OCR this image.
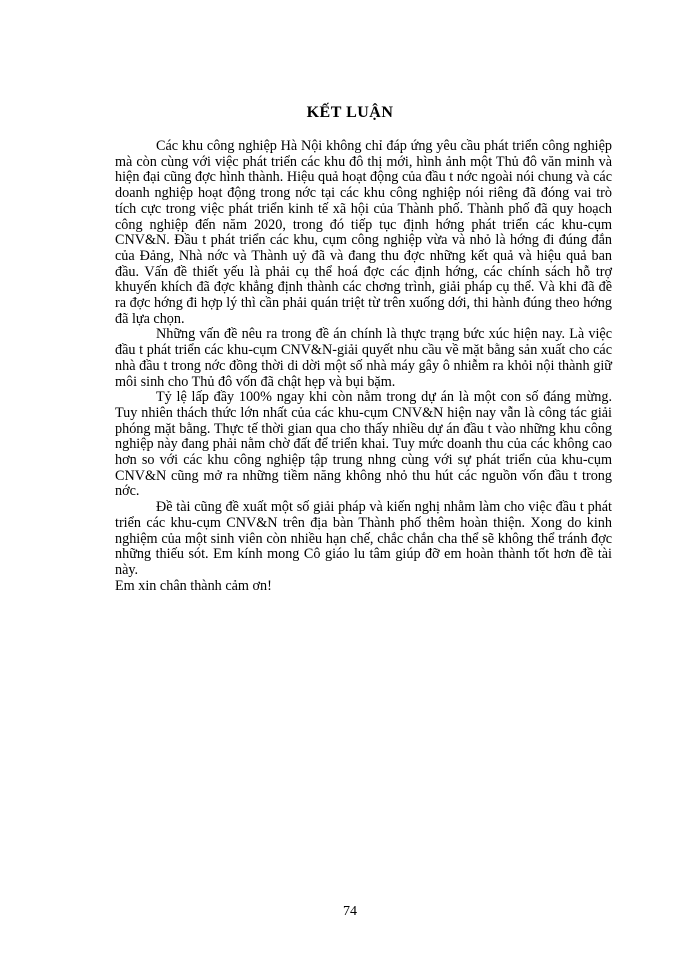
KẾT LUẬN

Các khu công nghiệp Hà Nội không chỉ đáp ứng yêu cầu phát triển công nghiệp mà còn cùng với việc phát triển các khu đô thị mới, hình ảnh một Thủ đô văn minh và hiện đại cũng đợc hình thành. Hiệu quả hoạt động của đầu t nớc ngoài nói chung và các doanh nghiệp hoạt động trong nớc tại các khu công nghiệp nói riêng đã đóng vai trò tích cực trong việc phát triển kinh tế xã hội của Thành phố. Thành phố đã quy hoạch công nghiệp đến năm 2020, trong đó tiếp tục định hớng phát triển các khu-cụm CNV&N. Đầu t phát triển các khu, cụm công nghiệp vừa và nhỏ là hớng đi đúng đắn của Đảng, Nhà nớc và Thành uỷ đã và đang thu đợc những kết quả và hiệu quả ban đầu. Vấn đề thiết yếu là phải cụ thể hoá đợc các định hớng, các chính sách hỗ trợ khuyến khích đã đợc khẳng định thành các chơng trình, giải pháp cụ thể. Và khi đã đề ra đợc hớng đi hợp lý thì cần phải quán triệt từ trên xuống dới, thi hành đúng theo hớng đã lựa chọn.

Những vấn đề nêu ra trong đề án chính là thực trạng bức xúc hiện nay. Là việc đầu t phát triển các khu-cụm CNV&N-giải quyết nhu cầu về mặt bằng sản xuất cho các nhà đầu t trong nớc đồng thời di dời một số nhà máy gây ô nhiễm ra khỏi nội thành giữ môi sinh cho Thủ đô vốn đã chật hẹp và bụi bặm.

Tỷ lệ lấp đầy 100% ngay khi còn nằm trong dự án là một con số đáng mừng. Tuy nhiên thách thức lớn nhất của các khu-cụm CNV&N hiện nay vẫn là công tác giải phóng mặt bằng. Thực tế thời gian qua cho thấy nhiều dự án đầu t vào những khu công nghiệp này đang phải nằm chờ đất để triển khai. Tuy mức doanh thu của các không cao hơn so với các khu công nghiệp tập trung nhng cùng với sự phát triển của khu-cụm CNV&N cũng mở ra những tiềm năng không nhỏ thu hút các nguồn vốn đầu t trong nớc.

Đề tài cũng đề xuất một số giải pháp và kiến nghị nhằm làm cho việc đầu t phát triển các khu-cụm CNV&N trên địa bàn Thành phố thêm hoàn thiện. Xong do kinh nghiệm của một sinh viên còn nhiều hạn chế, chắc chắn cha thể sẽ không thể tránh đợc những thiếu sót. Em kính mong Cô giáo lu tâm giúp đỡ em hoàn thành tốt hơn đề tài này.

Em xin chân thành cảm ơn!

74
